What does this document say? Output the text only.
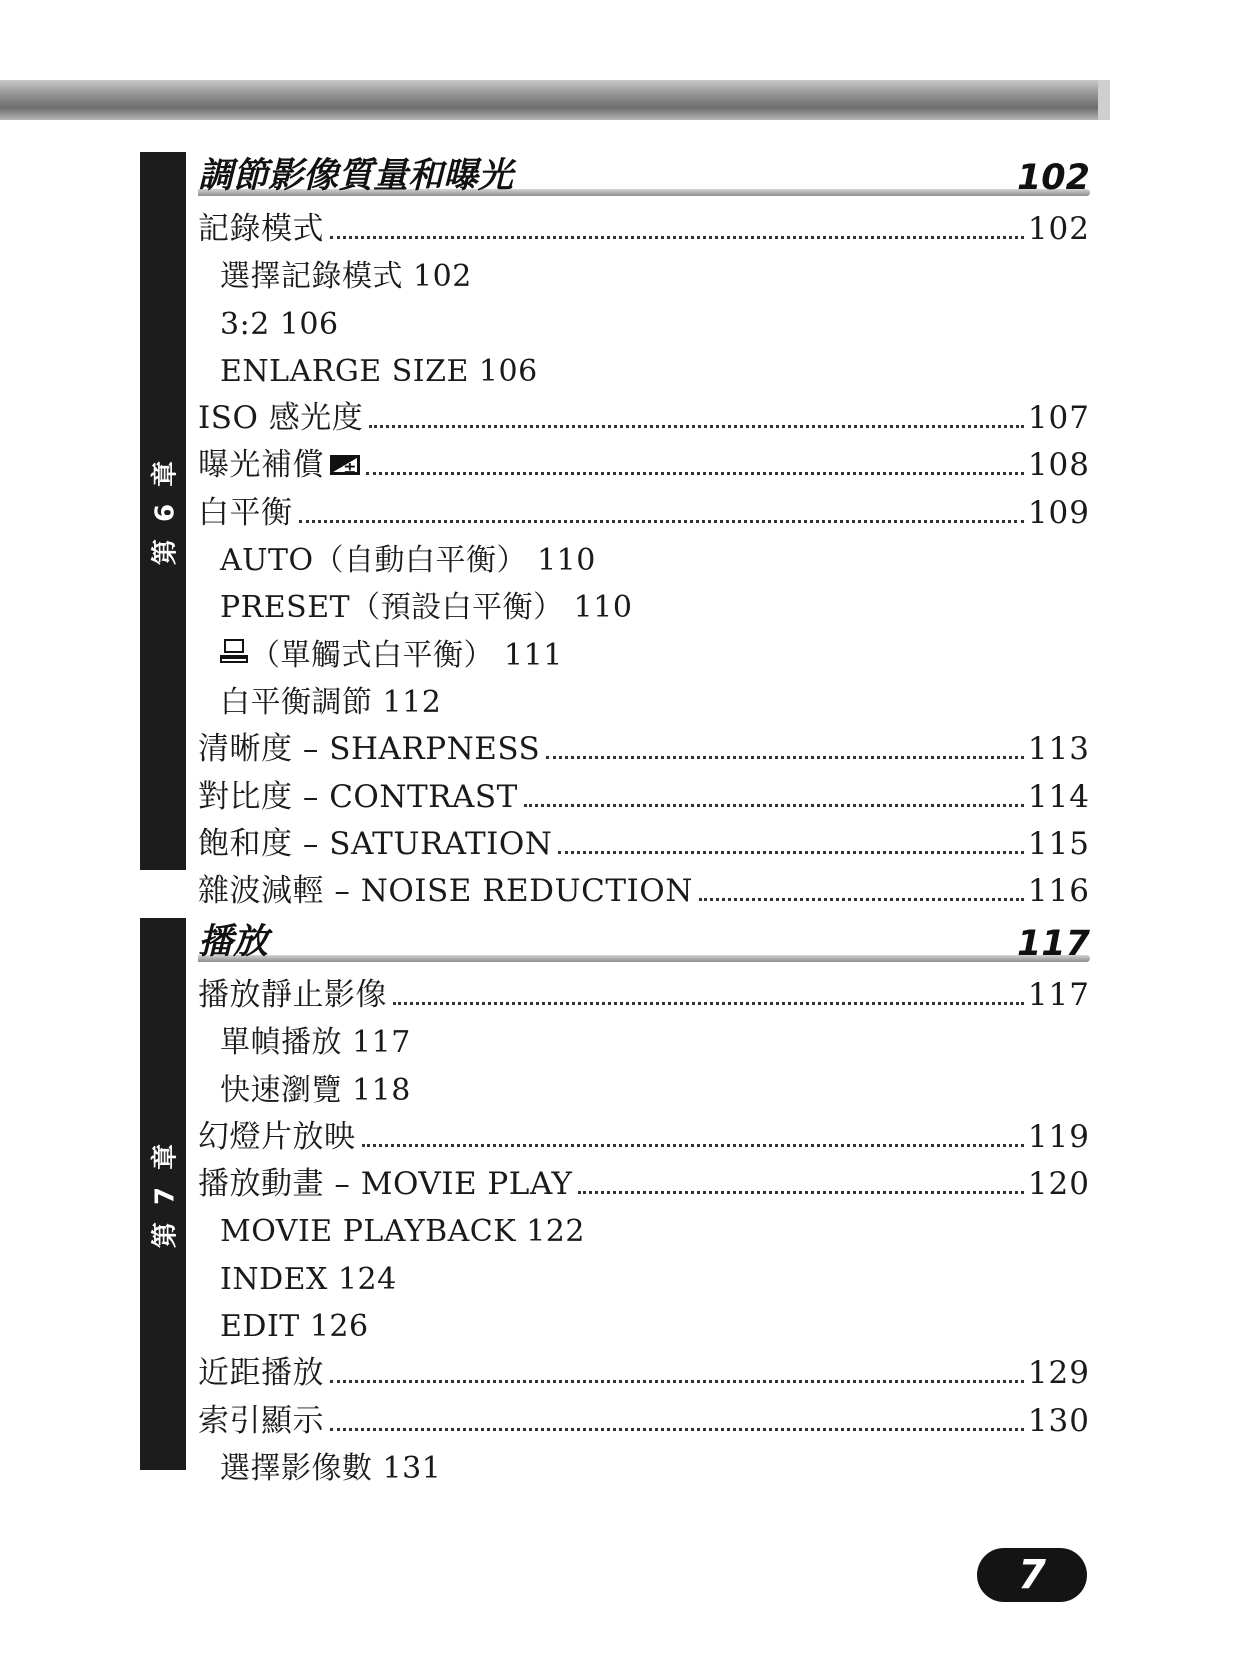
第 6 章
調節影像質量和曝光	102
記錄模式	102
選擇記錄模式 102
3:2 106
ENLARGE SIZE 106
ISO 感光度	107
曝光補償 ±	108
白平衡	109
AUTO（自動白平衡） 110
PRESET（預設白平衡） 110
（單觸式白平衡） 111
白平衡調節 112
清晰度 – SHARPNESS	113
對比度 – CONTRAST	114
飽和度 – SATURATION	115
雜波減輕 – NOISE REDUCTION	116
第 7 章
播放	117
播放靜止影像	117
單幀播放 117
快速瀏覽 118
幻燈片放映	119
播放動畫 – MOVIE PLAY	120
MOVIE PLAYBACK 122
INDEX 124
EDIT 126
近距播放	129
索引顯示	130
選擇影像數 131
7
